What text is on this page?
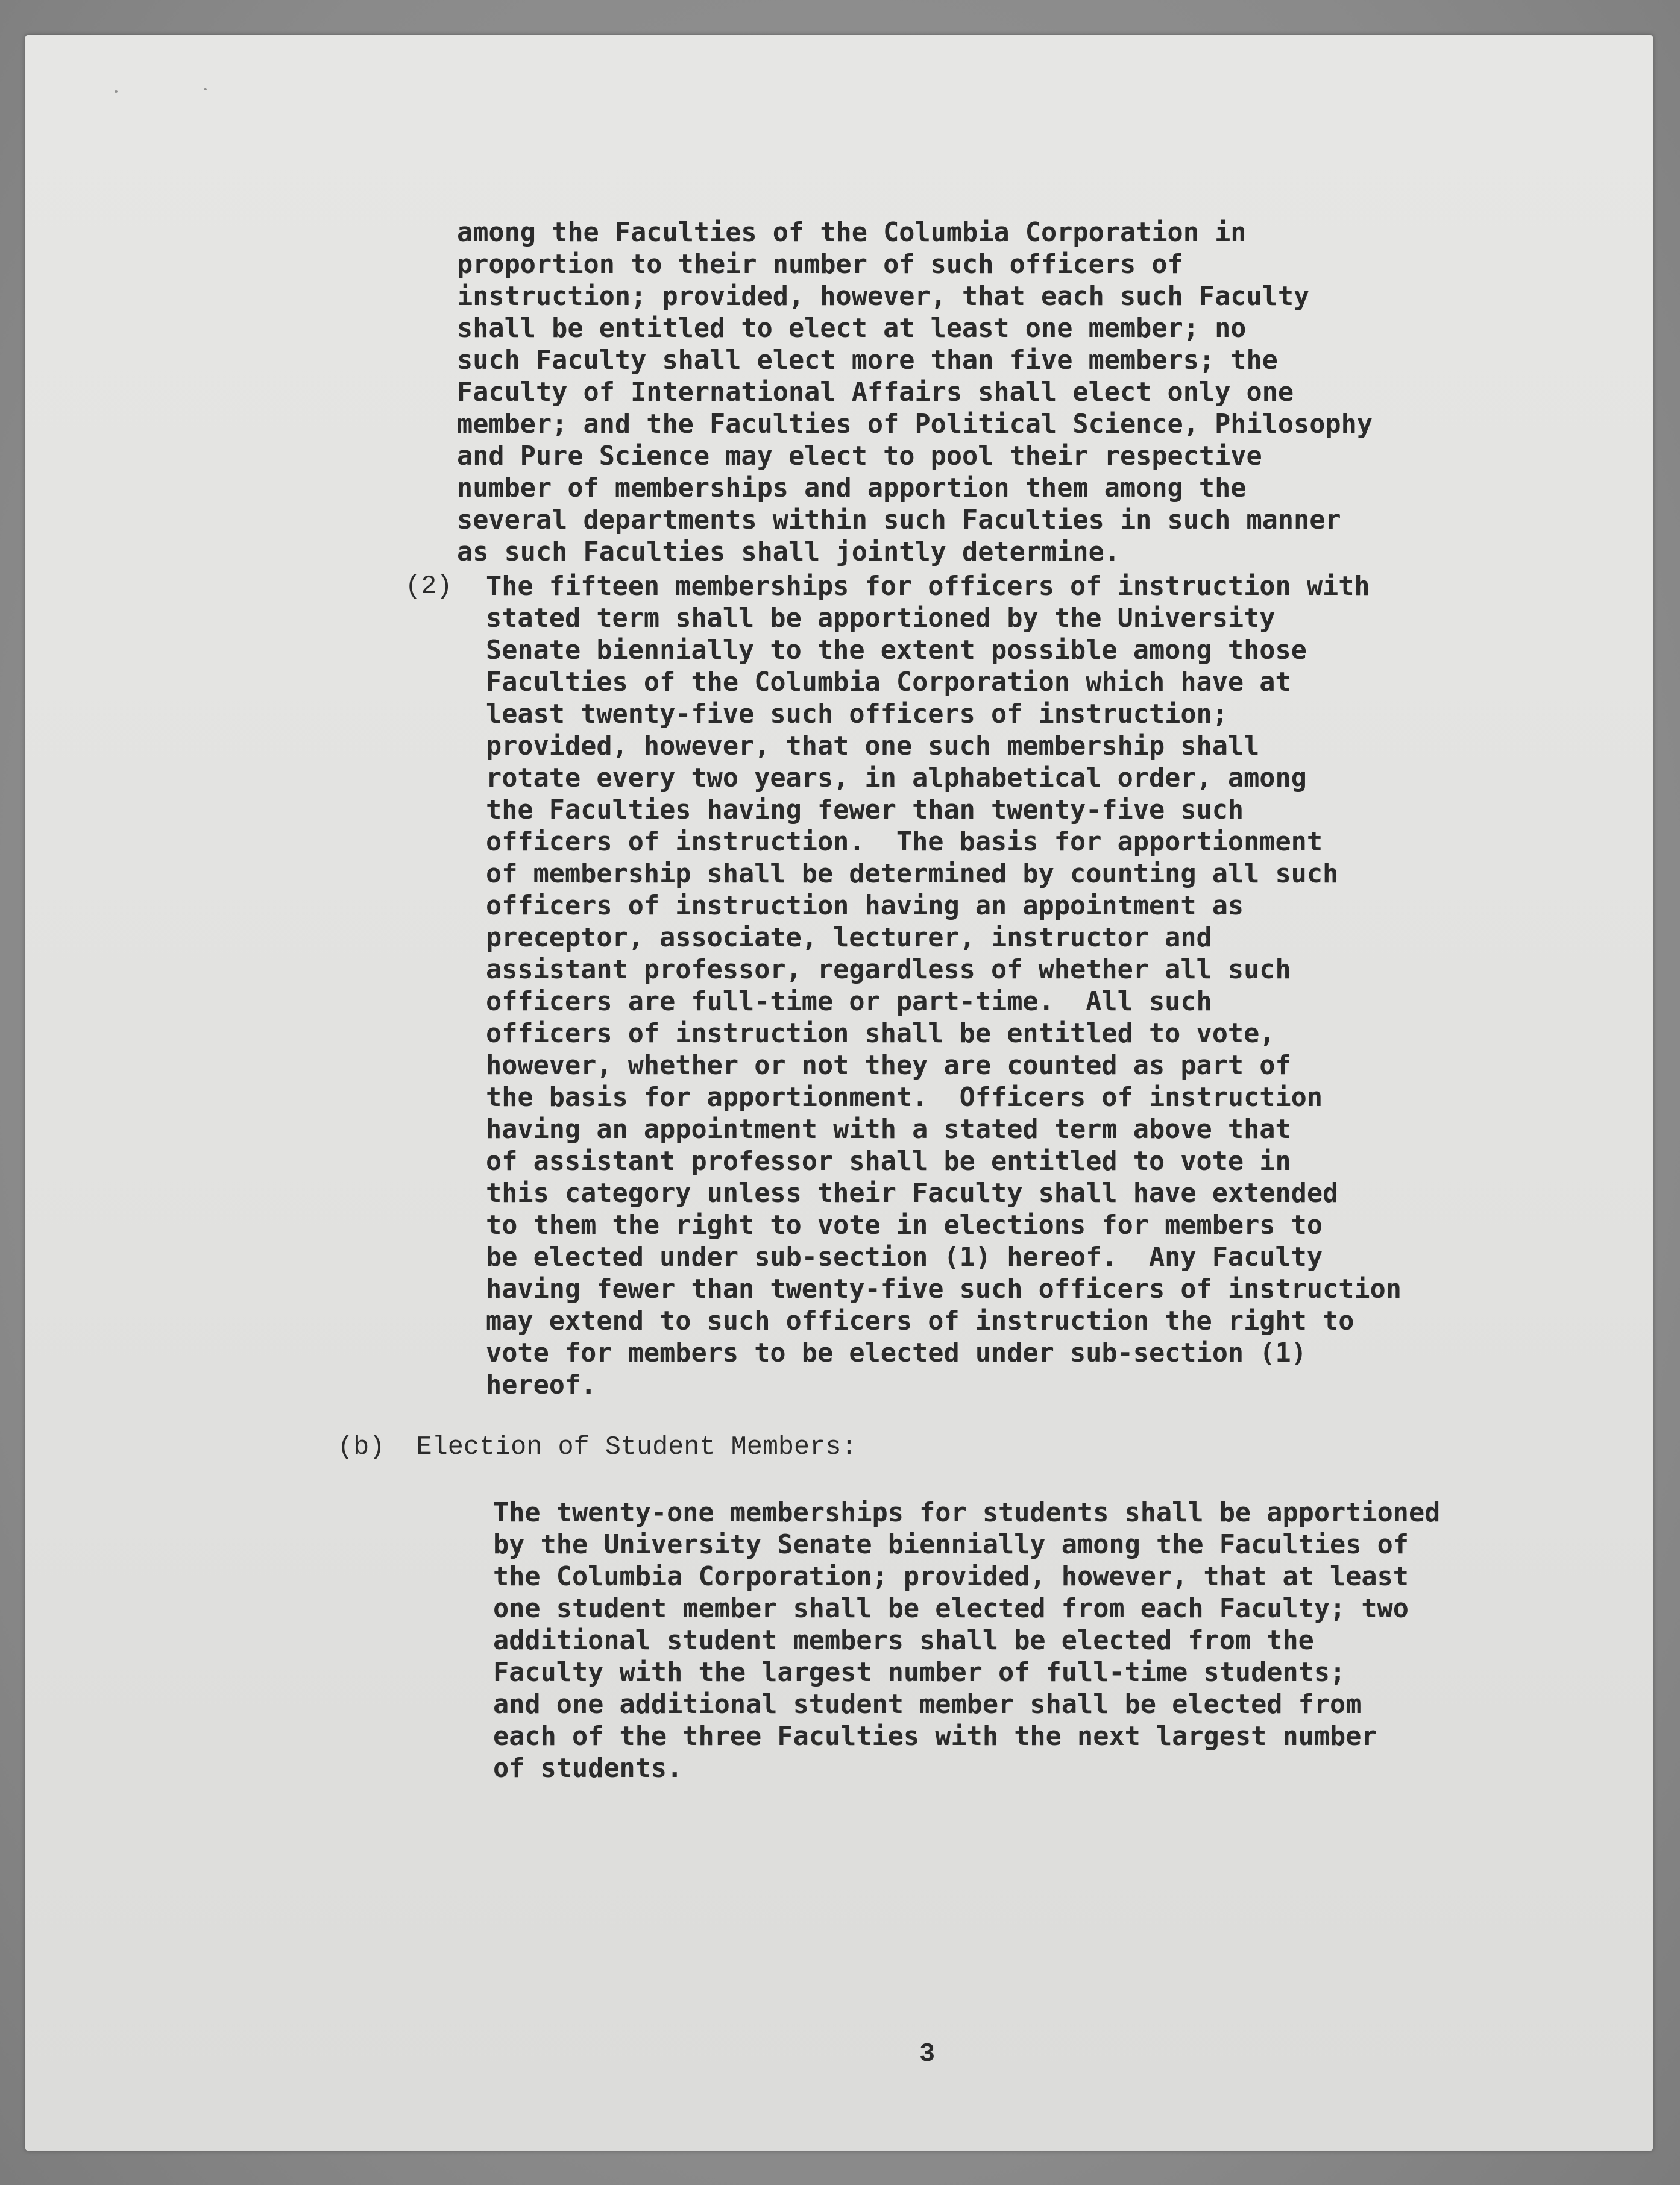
among the Faculties of the Columbia Corporation in
proportion to their number of such officers of
instruction; provided, however, that each such Faculty
shall be entitled to elect at least one member; no
such Faculty shall elect more than five members; the
Faculty of International Affairs shall elect only one
member; and the Faculties of Political Science, Philosophy
and Pure Science may elect to pool their respective
number of memberships and apportion them among the
several departments within such Faculties in such manner
as such Faculties shall jointly determine.

(2) The fifteen memberships for officers of instruction with
stated term shall be apportioned by the University
Senate biennially to the extent possible among those
Faculties of the Columbia Corporation which have at
least twenty-five such officers of instruction;
provided, however, that one such membership shall
rotate every two years, in alphabetical order, among
the Faculties having fewer than twenty-five such
officers of instruction.  The basis for apportionment
of membership shall be determined by counting all such
officers of instruction having an appointment as
preceptor, associate, lecturer, instructor and
assistant professor, regardless of whether all such
officers are full-time or part-time.  All such
officers of instruction shall be entitled to vote,
however, whether or not they are counted as part of
the basis for apportionment.  Officers of instruction
having an appointment with a stated term above that
of assistant professor shall be entitled to vote in
this category unless their Faculty shall have extended
to them the right to vote in elections for members to
be elected under sub-section (1) hereof.  Any Faculty
having fewer than twenty-five such officers of instruction
may extend to such officers of instruction the right to
vote for members to be elected under sub-section (1)
hereof.

(b)  Election of Student Members:

The twenty-one memberships for students shall be apportioned
by the University Senate biennially among the Faculties of
the Columbia Corporation; provided, however, that at least
one student member shall be elected from each Faculty; two
additional student members shall be elected from the
Faculty with the largest number of full-time students;
and one additional student member shall be elected from
each of the three Faculties with the next largest number
of students.

3
